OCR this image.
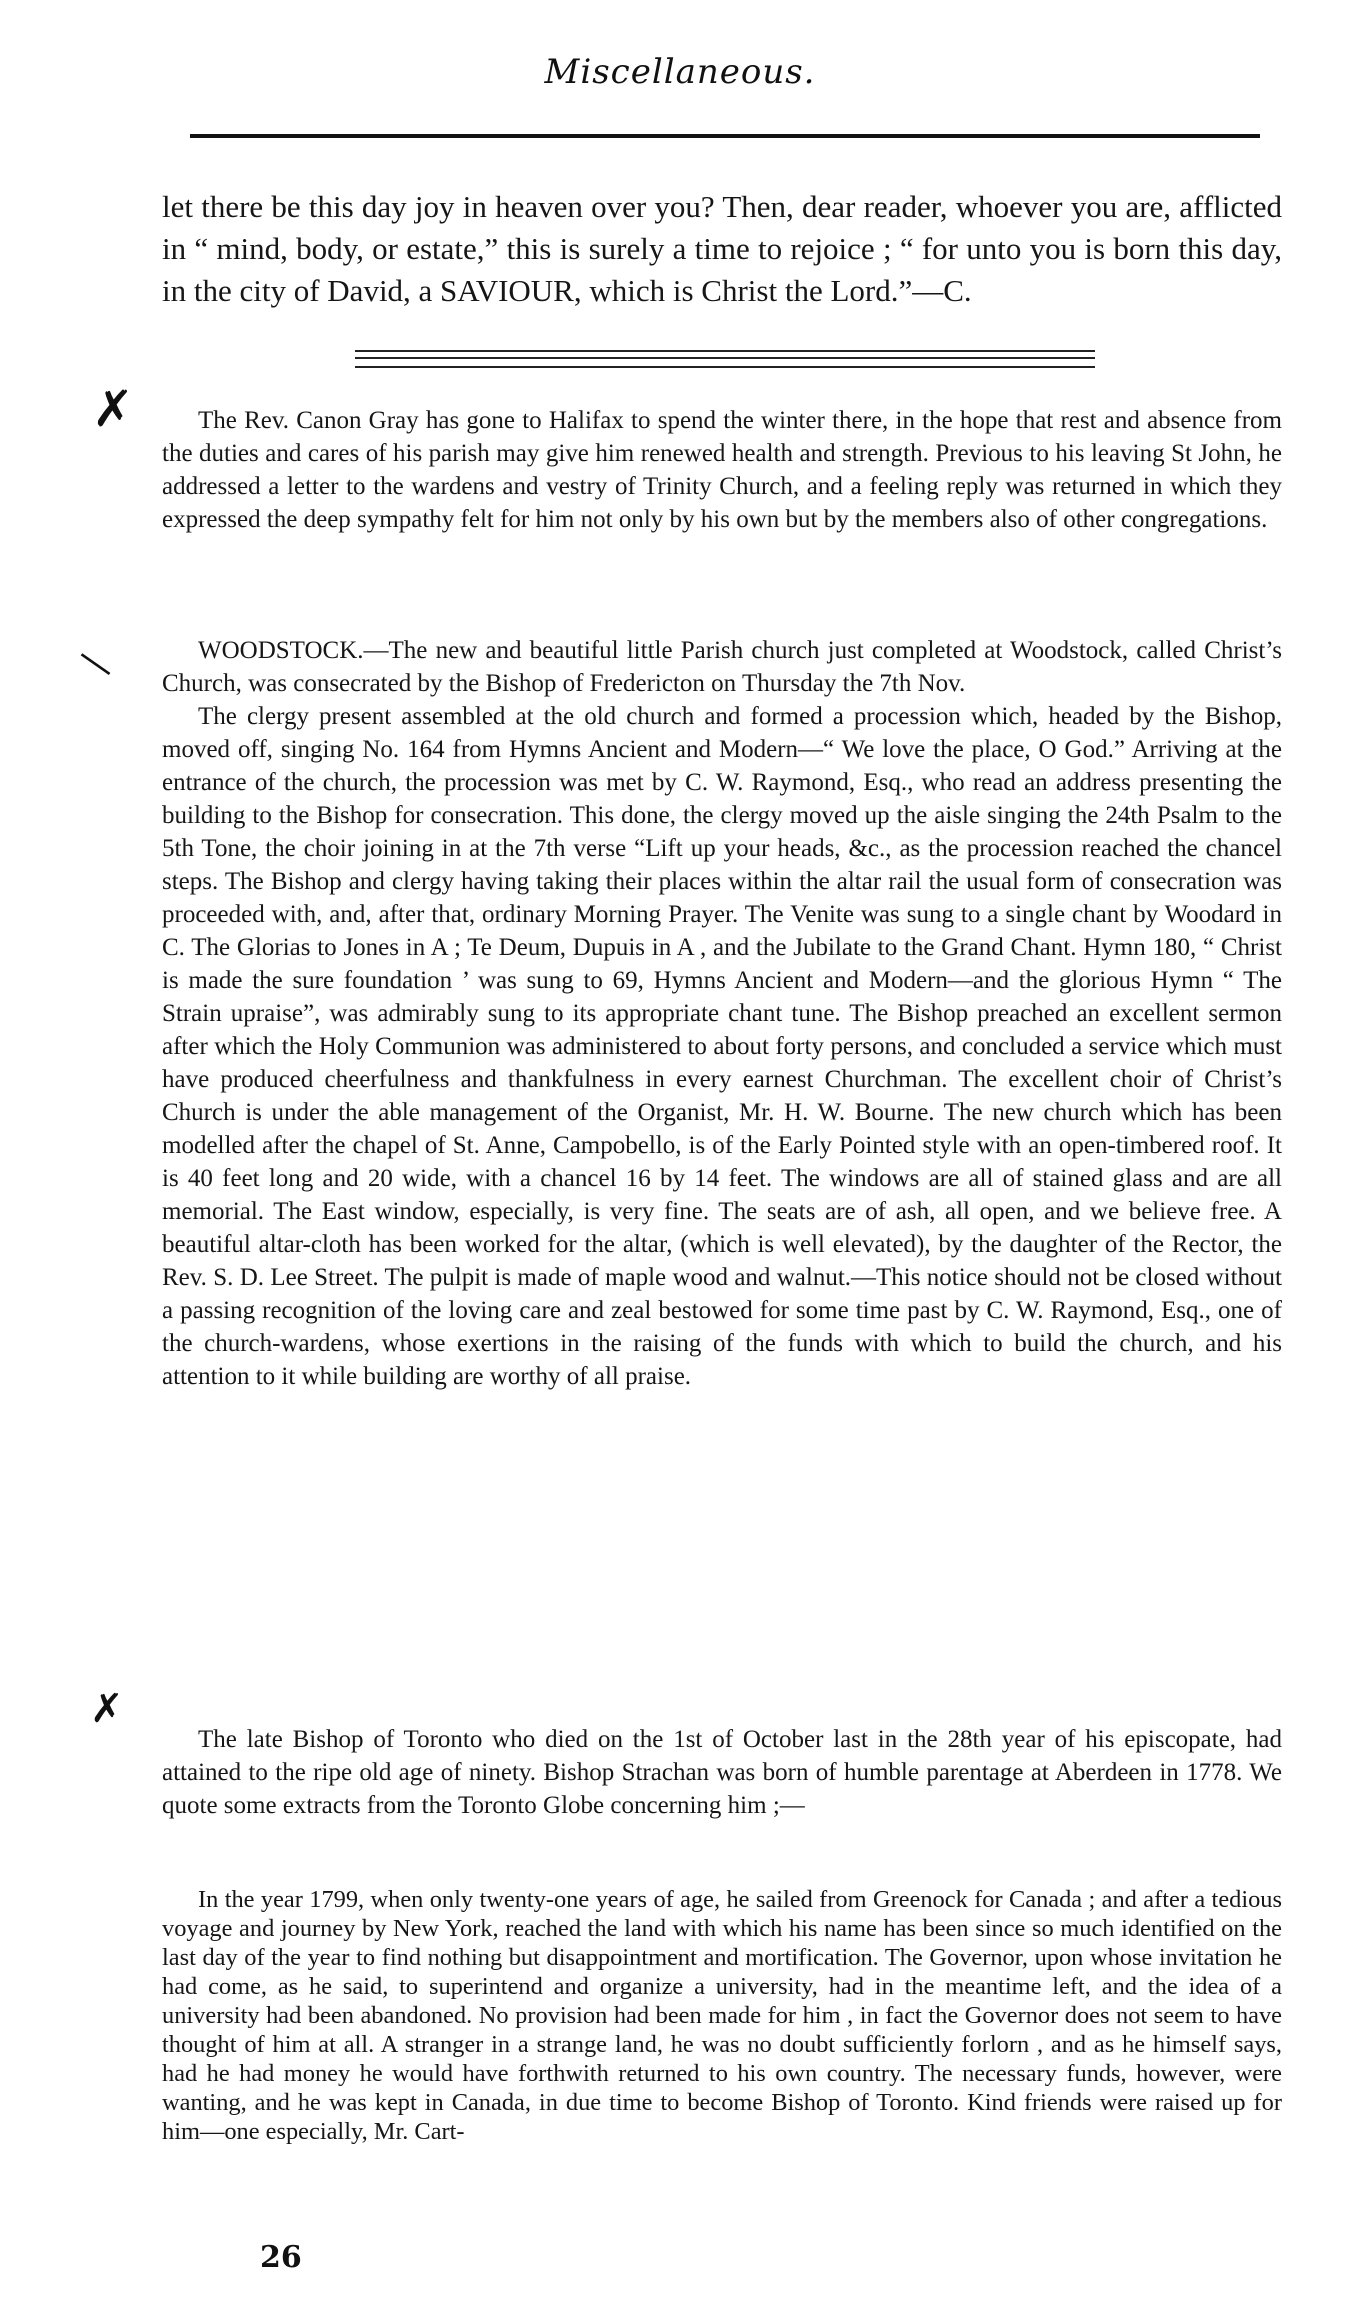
Miscellaneous.

let there be this day joy in heaven over you? Then, dear reader, whoever you are, afflicted in “ mind, body, or estate,” this is surely a time to rejoice ; “ for unto you is born this day, in the city of David, a SAVIOUR, which is Christ the Lord.”—C.

✗	The Rev. Canon Gray has gone to Halifax to spend the winter there, in the hope that rest and absence from the duties and cares of his parish may give him renewed health and strength. Previous to his leaving St John, he addressed a letter to the wardens and vestry of Trinity Church, and a feeling reply was returned in which they expressed the deep sympathy felt for him not only by his own but by the members also of other congregations.

—	WOODSTOCK.—The new and beautiful little Parish church just completed at Woodstock, called Christ’s Church, was consecrated by the Bishop of Fredericton on Thursday the 7th Nov.

The clergy present assembled at the old church and formed a procession which, headed by the Bishop, moved off, singing No. 164 from Hymns Ancient and Modern—“ We love the place, O God.” Arriving at the entrance of the church, the procession was met by C. W. Raymond, Esq., who read an address presenting the building to the Bishop for consecration. This done, the clergy moved up the aisle singing the 24th Psalm to the 5th Tone, the choir joining in at the 7th verse “Lift up your heads, &c., as the procession reached the chancel steps. The Bishop and clergy having taking their places within the altar rail the usual form of consecration was proceeded with, and, after that, ordinary Morning Prayer. The Venite was sung to a single chant by Woodard in C. The Glorias to Jones in A ; Te Deum, Dupuis in A , and the Jubilate to the Grand Chant. Hymn 180, “ Christ is made the sure foundation ’ was sung to 69, Hymns Ancient and Modern—and the glorious Hymn “ The Strain upraise”, was admirably sung to its appropriate chant tune. The Bishop preached an excellent sermon after which the Holy Communion was administered to about forty persons, and concluded a service which must have produced cheerfulness and thankfulness in every earnest Churchman. The excellent choir of Christ’s Church is under the able management of the Organist, Mr. H. W. Bourne. The new church which has been modelled after the chapel of St. Anne, Campobello, is of the Early Pointed style with an open-timbered roof. It is 40 feet long and 20 wide, with a chancel 16 by 14 feet. The windows are all of stained glass and are all memorial. The East window, especially, is very fine. The seats are of ash, all open, and we believe free. A beautiful altar-cloth has been worked for the altar, (which is well elevated), by the daughter of the Rector, the Rev. S. D. Lee Street. The pulpit is made of maple wood and walnut.—This notice should not be closed without a passing recognition of the loving care and zeal bestowed for some time past by C. W. Raymond, Esq., one of the church-wardens, whose exertions in the raising of the funds with which to build the church, and his attention to it while building are worthy of all praise.

✗

The late Bishop of Toronto who died on the 1st of October last in the 28th year of his episcopate, had attained to the ripe old age of ninety. Bishop Strachan was born of humble parentage at Aberdeen in 1778. We quote some extracts from the Toronto Globe concerning him ;—

In the year 1799, when only twenty-one years of age, he sailed from Greenock for Canada ; and after a tedious voyage and journey by New York, reached the land with which his name has been since so much identified on the last day of the year to find nothing but disappointment and mortification. The Governor, upon whose invitation he had come, as he said, to superintend and organize a university, had in the meantime left, and the idea of a university had been abandoned. No provision had been made for him , in fact the Governor does not seem to have thought of him at all. A stranger in a strange land, he was no doubt sufficiently forlorn , and as he himself says, had he had money he would have forthwith returned to his own country. The necessary funds, however, were wanting, and he was kept in Canada, in due time to become Bishop of Toronto. Kind friends were raised up for him—one especially, Mr. Cart-

26
